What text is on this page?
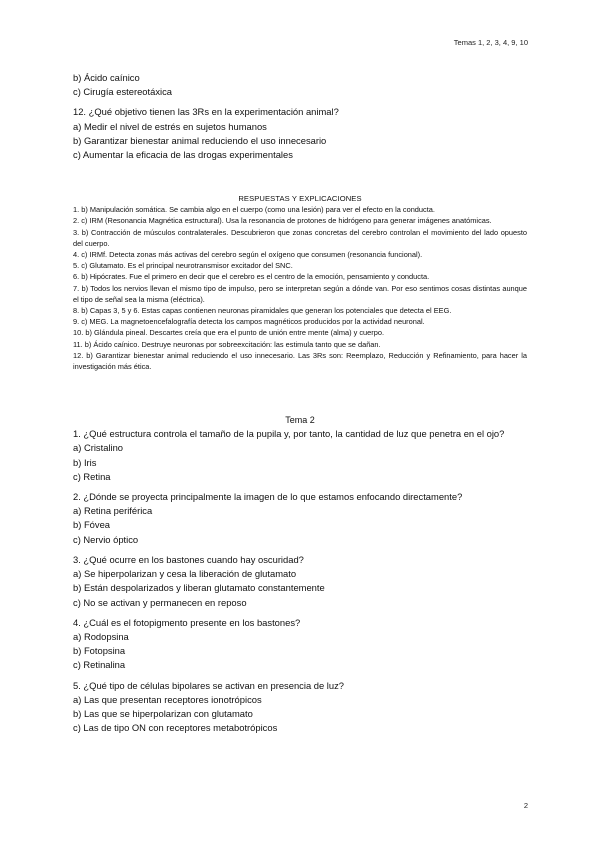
Temas 1, 2, 3, 4, 9, 10
b) Ácido caínico
c) Cirugía estereotáxica
12. ¿Qué objetivo tienen las 3Rs en la experimentación animal?
a) Medir el nivel de estrés en sujetos humanos
b) Garantizar bienestar animal reduciendo el uso innecesario
c) Aumentar la eficacia de las drogas experimentales
RESPUESTAS Y EXPLICACIONES
1. b) Manipulación somática. Se cambia algo en el cuerpo (como una lesión) para ver el efecto en la conducta.
2. c) IRM (Resonancia Magnética estructural). Usa la resonancia de protones de hidrógeno para generar imágenes anatómicas.
3. b) Contracción de músculos contralaterales. Descubrieron que zonas concretas del cerebro controlan el movimiento del lado opuesto del cuerpo.
4. c) IRMf. Detecta zonas más activas del cerebro según el oxígeno que consumen (resonancia funcional).
5. c) Glutamato. Es el principal neurotransmisor excitador del SNC.
6. b) Hipócrates. Fue el primero en decir que el cerebro es el centro de la emoción, pensamiento y conducta.
7. b) Todos los nervios llevan el mismo tipo de impulso, pero se interpretan según a dónde van. Por eso sentimos cosas distintas aunque el tipo de señal sea la misma (eléctrica).
8. b) Capas 3, 5 y 6. Estas capas contienen neuronas piramidales que generan los potenciales que detecta el EEG.
9. c) MEG. La magnetoencefalografía detecta los campos magnéticos producidos por la actividad neuronal.
10. b) Glándula pineal. Descartes creía que era el punto de unión entre mente (alma) y cuerpo.
11. b) Ácido caínico. Destruye neuronas por sobreexcitación: las estimula tanto que se dañan.
12. b) Garantizar bienestar animal reduciendo el uso innecesario. Las 3Rs son: Reemplazo, Reducción y Refinamiento, para hacer la investigación más ética.
Tema 2
1. ¿Qué estructura controla el tamaño de la pupila y, por tanto, la cantidad de luz que penetra en el ojo?
a) Cristalino
b) Iris
c) Retina
2. ¿Dónde se proyecta principalmente la imagen de lo que estamos enfocando directamente?
a) Retina periférica
b) Fóvea
c) Nervio óptico
3. ¿Qué ocurre en los bastones cuando hay oscuridad?
a) Se hiperpolarizan y cesa la liberación de glutamato
b) Están despolarizados y liberan glutamato constantemente
c) No se activan y permanecen en reposo
4. ¿Cuál es el fotopigmento presente en los bastones?
a) Rodopsina
b) Fotopsina
c) Retinalina
5. ¿Qué tipo de células bipolares se activan en presencia de luz?
a) Las que presentan receptores ionotrópicos
b) Las que se hiperpolarizan con glutamato
c) Las de tipo ON con receptores metabotrópicos
2
